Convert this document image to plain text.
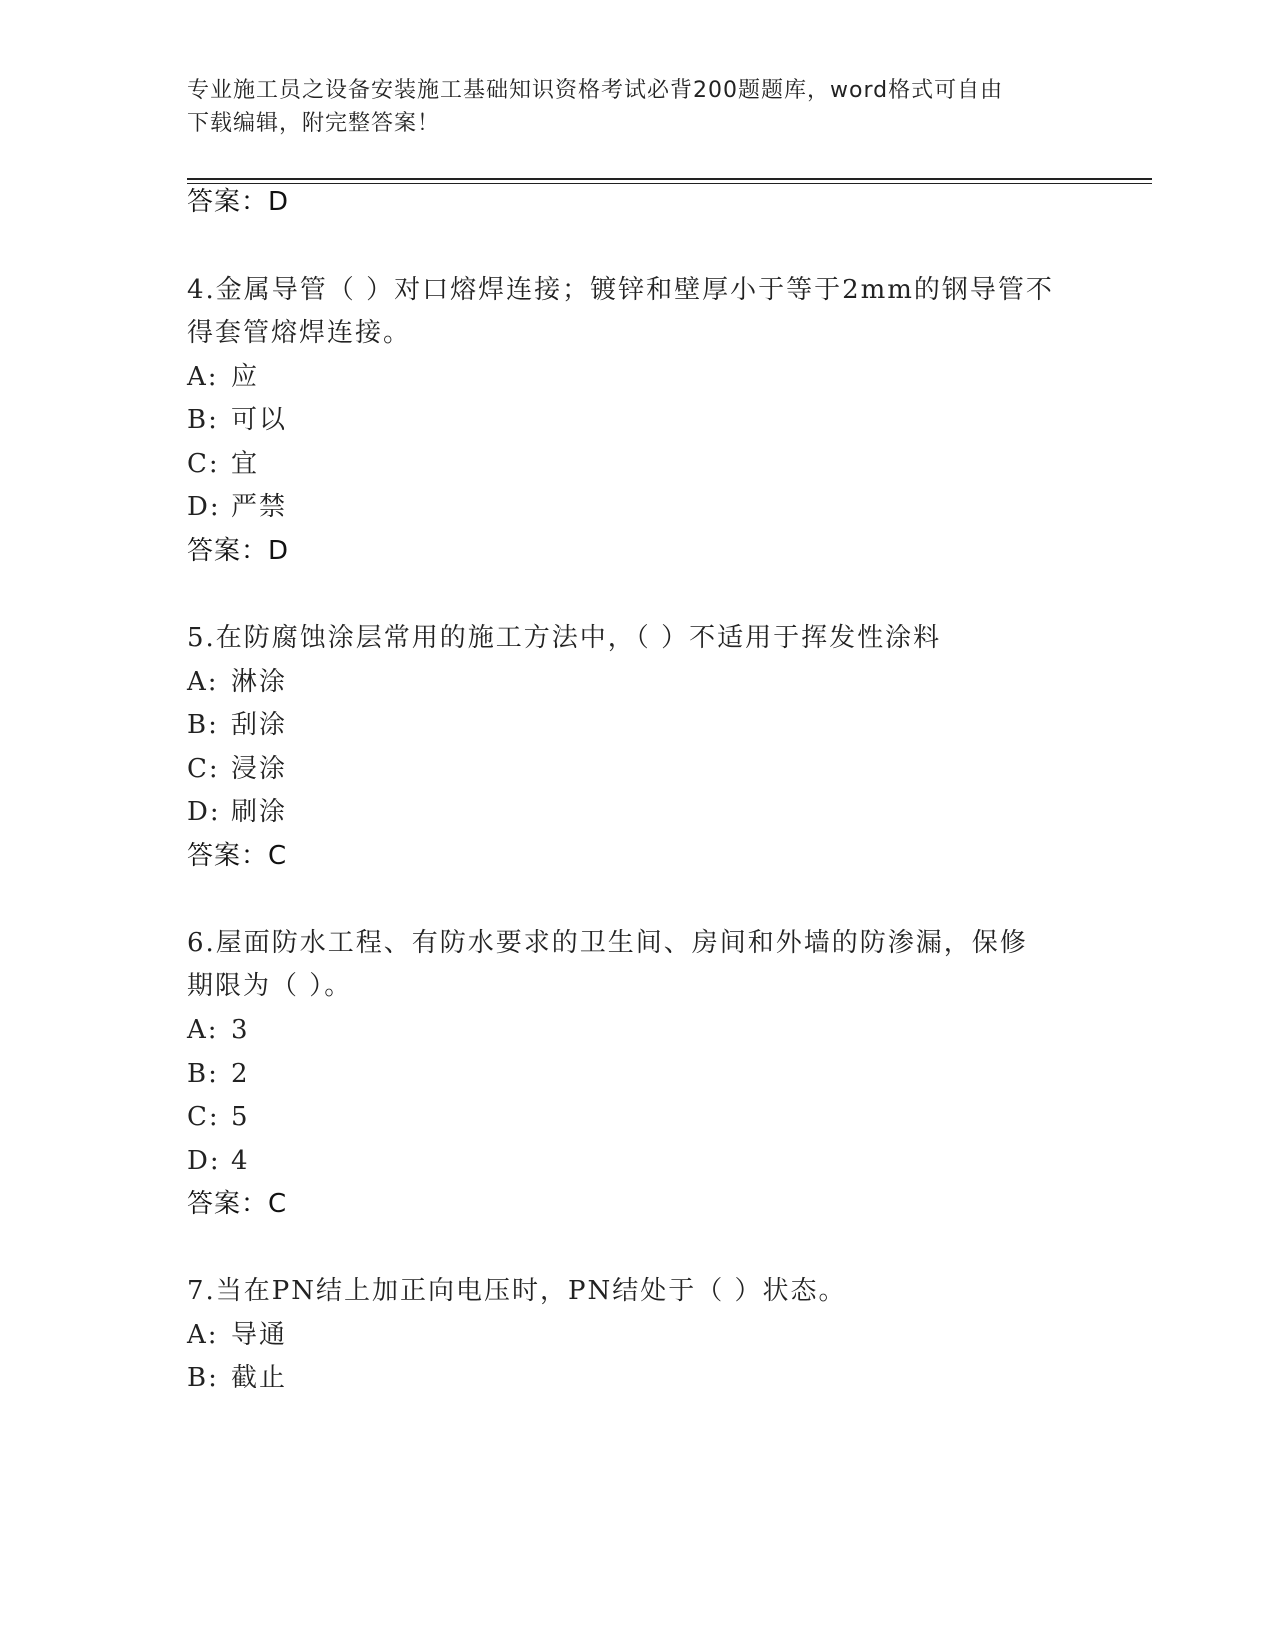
专业施工员之设备安装施工基础知识资格考试必背200题题库，word格式可自由
下载编辑，附完整答案！
答案：D
4.金属导管（ ）对口熔焊连接；镀锌和壁厚小于等于2mm的钢导管不
得套管熔焊连接。
A: 应
B: 可以
C: 宜
D: 严禁
答案：D
5.在防腐蚀涂层常用的施工方法中，（ ）不适用于挥发性涂料
A: 淋涂
B: 刮涂
C: 浸涂
D: 刷涂
答案：C
6.屋面防水工程、有防水要求的卫生间、房间和外墙的防渗漏，保修
期限为（ ）。
A: 3
B: 2
C: 5
D: 4
答案：C
7.当在PN结上加正向电压时，PN结处于（ ）状态。
A: 导通
B: 截止
